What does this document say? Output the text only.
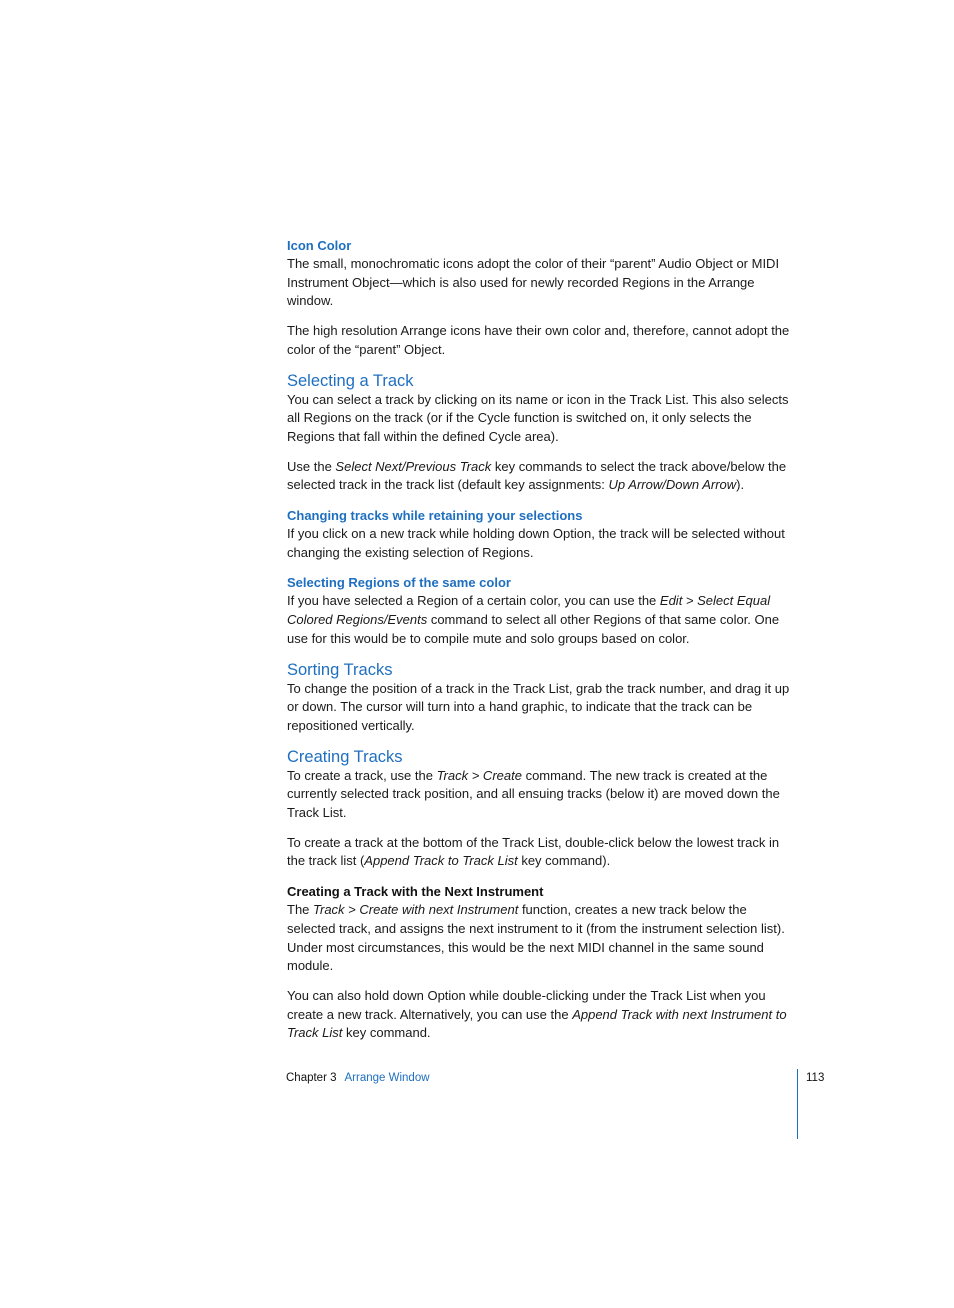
Icon Color

The small, monochromatic icons adopt the color of their “parent” Audio Object or MIDI Instrument Object—which is also used for newly recorded Regions in the Arrange window.

The high resolution Arrange icons have their own color and, therefore, cannot adopt the color of the “parent” Object.

Selecting a Track

You can select a track by clicking on its name or icon in the Track List. This also selects all Regions on the track (or if the Cycle function is switched on, it only selects the Regions that fall within the defined Cycle area).

Use the Select Next/Previous Track key commands to select the track above/below the selected track in the track list (default key assignments: Up Arrow/Down Arrow).

Changing tracks while retaining your selections

If you click on a new track while holding down Option, the track will be selected without changing the existing selection of Regions.

Selecting Regions of the same color

If you have selected a Region of a certain color, you can use the Edit > Select Equal Colored Regions/Events command to select all other Regions of that same color. One use for this would be to compile mute and solo groups based on color.

Sorting Tracks

To change the position of a track in the Track List, grab the track number, and drag it up or down. The cursor will turn into a hand graphic, to indicate that the track can be repositioned vertically.

Creating Tracks

To create a track, use the Track > Create command. The new track is created at the currently selected track position, and all ensuing tracks (below it) are moved down the Track List.

To create a track at the bottom of the Track List, double-click below the lowest track in the track list (Append Track to Track List key command).

Creating a Track with the Next Instrument

The Track > Create with next Instrument function, creates a new track below the selected track, and assigns the next instrument to it (from the instrument selection list). Under most circumstances, this would be the next MIDI channel in the same sound module.

You can also hold down Option while double-clicking under the Track List when you create a new track. Alternatively, you can use the Append Track with next Instrument to Track List key command.

Chapter 3 Arrange Window	113
